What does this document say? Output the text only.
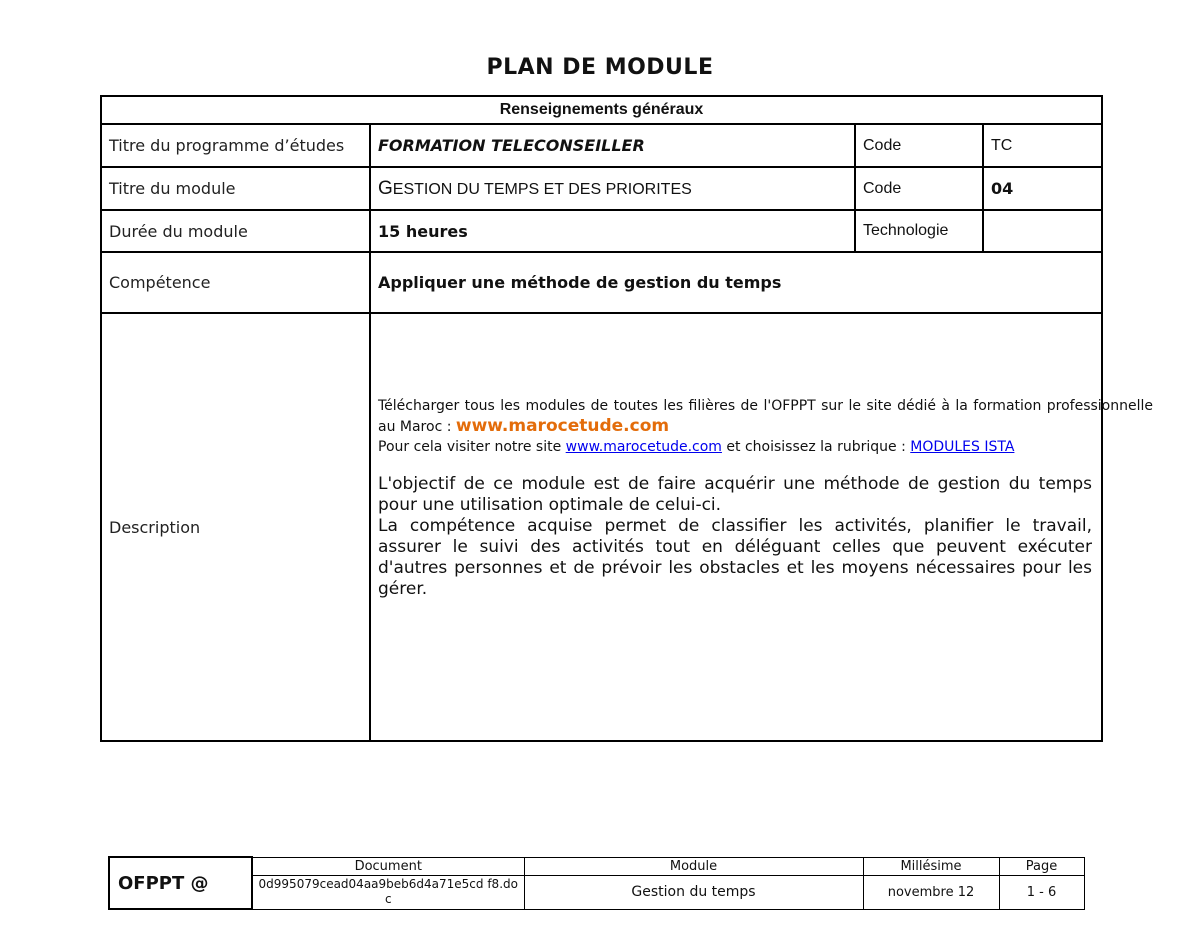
PLAN DE MODULE
Renseignements généraux			
Titre du programme d’études	FORMATION TELECONSEILLER	Code	TC
Titre du module	GESTION DU TEMPS ET DES PRIORITES	Code	04
Durée du module	15 heures	Technologie	
Compétence	Appliquer une méthode de gestion du temps		
Description	Télécharger tous les modules de toutes les filières de l'OFPPT sur le site dédié à la formation professionnelle au Maroc : www.marocetude.com
Pour cela visiter notre site www.marocetude.com et choisissez la rubrique : MODULES ISTA
L'objectif de ce module est de faire acquérir une méthode de gestion du temps pour une utilisation optimale de celui-ci.
La compétence acquise permet de classifier les activités, planifier le travail, assurer le suivi des activités tout en déléguant celles que peuvent exécuter d'autres personnes et de prévoir les obstacles et les moyens nécessaires pour les gérer.		
OFPPT @	Document	Module	Millésime	Page
	0d995079cead04aa9beb6d4a71e5cd f8.doc	Gestion du temps	novembre 12	1 - 6
